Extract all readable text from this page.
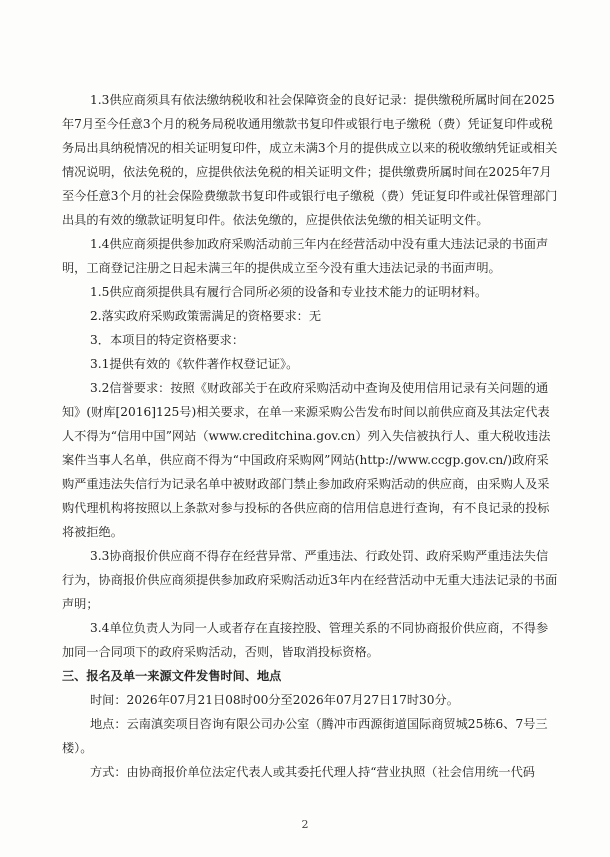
1.3供应商须具有依法缴纳税收和社会保障资金的良好记录：提供缴税所属时间在2025年7月至今任意3个月的税务局税收通用缴款书复印件或银行电子缴税（费）凭证复印件或税务局出具纳税情况的相关证明复印件，成立未满3个月的提供成立以来的税收缴纳凭证或相关情况说明，依法免税的，应提供依法免税的相关证明文件；提供缴费所属时间在2025年7月至今任意3个月的社会保险费缴款书复印件或银行电子缴税（费）凭证复印件或社保管理部门出具的有效的缴款证明复印件。依法免缴的，应提供依法免缴的相关证明文件。

1.4供应商须提供参加政府采购活动前三年内在经营活动中没有重大违法记录的书面声明，工商登记注册之日起未满三年的提供成立至今没有重大违法记录的书面声明。

1.5供应商须提供具有履行合同所必须的设备和专业技术能力的证明材料。

2.落实政府采购政策需满足的资格要求：无

3．本项目的特定资格要求：

3.1提供有效的《软件著作权登记证》。

3.2信誉要求：按照《财政部关于在政府采购活动中查询及使用信用记录有关问题的通知》(财库[2016]125号)相关要求，在单一来源采购公告发布时间以前供应商及其法定代表人不得为“信用中国”网站（www.creditchina.gov.cn）列入失信被执行人、重大税收违法案件当事人名单，供应商不得为“中国政府采购网”网站(http://www.ccgp.gov.cn/)政府采购严重违法失信行为记录名单中被财政部门禁止参加政府采购活动的供应商，由采购人及采购代理机构将按照以上条款对参与投标的各供应商的信用信息进行查询，有不良记录的投标将被拒绝。

3.3协商报价供应商不得存在经营异常、严重违法、行政处罚、政府采购严重违法失信行为，协商报价供应商须提供参加政府采购活动近3年内在经营活动中无重大违法记录的书面声明；

3.4单位负责人为同一人或者存在直接控股、管理关系的不同协商报价供应商，不得参加同一合同项下的政府采购活动，否则，皆取消投标资格。

三、报名及单一来源文件发售时间、地点

时间：2026年07月21日08时00分至2026年07月27日17时30分。

地点：云南滇奕项目咨询有限公司办公室（腾冲市西源街道国际商贸城25栋6、7号三楼）。

方式：由协商报价单位法定代表人或其委托代理人持“营业执照（社会信用统一代码

2
